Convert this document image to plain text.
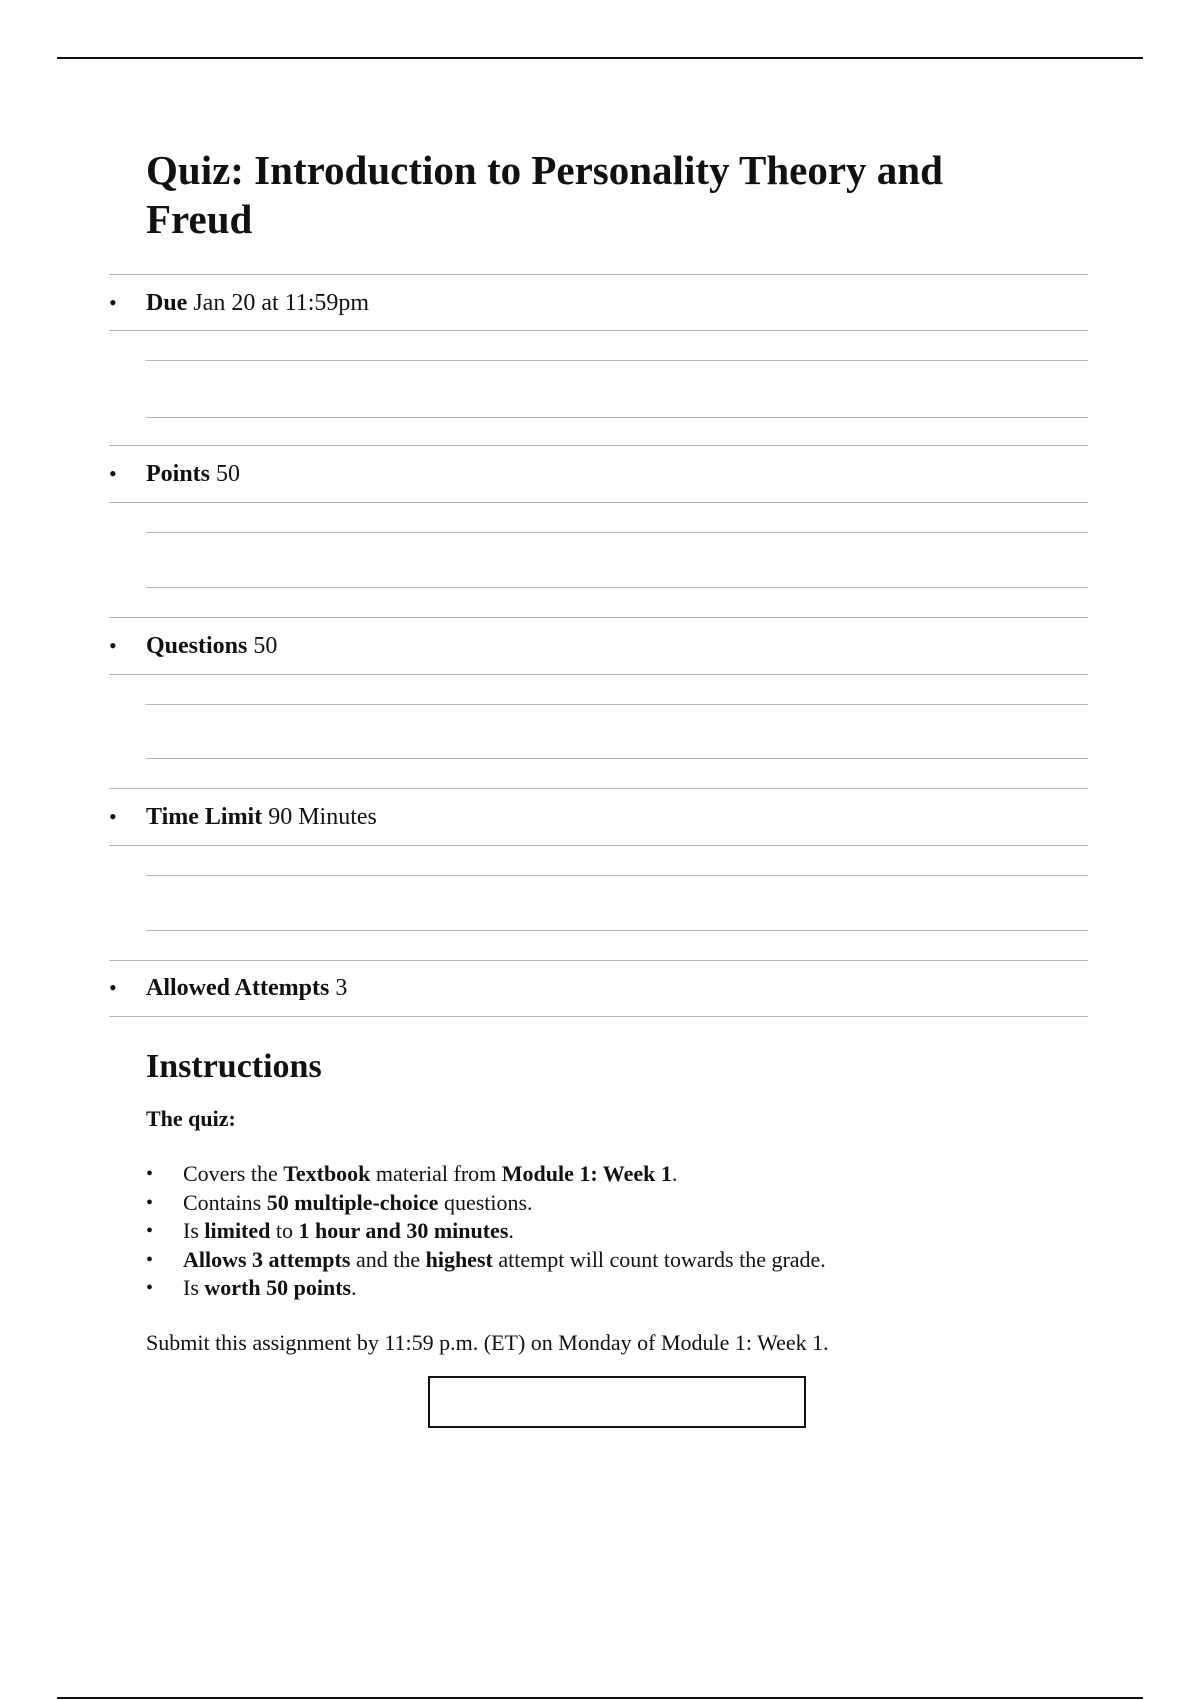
Quiz: Introduction to Personality Theory and Freud
•	Due Jan 20 at 11:59pm
•	Points 50
•	Questions 50
•	Time Limit 90 Minutes
•	Allowed Attempts 3
Instructions

The quiz:

• Covers the Textbook material from Module 1: Week 1.
• Contains 50 multiple-choice questions.
• Is limited to 1 hour and 30 minutes.
• Allows 3 attempts and the highest attempt will count towards the grade.
• Is worth 50 points.

Submit this assignment by 11:59 p.m. (ET) on Monday of Module 1: Week 1.
